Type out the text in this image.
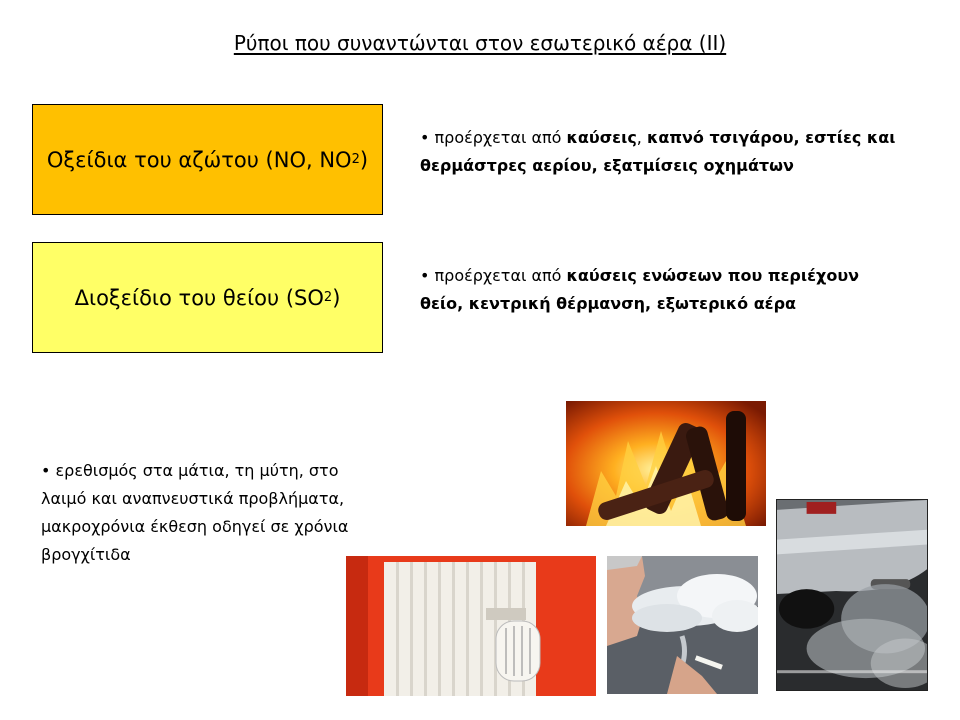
Ρύποι που συναντώνται στον εσωτερικό αέρα (ΙΙ)
Οξείδια του αζώτου (ΝΟ, ΝΟ 2 )
• προέρχεται από καύσεις, καπνό τσιγάρου, εστίες και θερμάστρες αερίου, εξατμίσεις οχημάτων
Διοξείδιο του θείου (SO 2 )
• προέρχεται από καύσεις ενώσεων που περιέχουν θείο, κεντρική θέρμανση, εξωτερικό αέρα
• ερεθισμός στα μάτια, τη μύτη, στο λαιμό και αναπνευστικά προβλήματα, μακροχρόνια έκθεση οδηγεί σε χρόνια βρογχίτιδα
